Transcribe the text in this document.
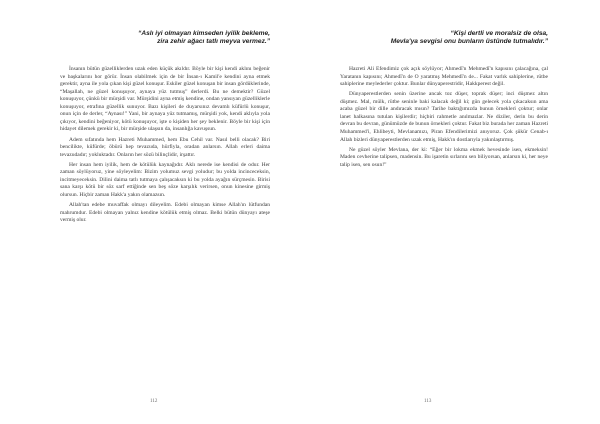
“Aslı iyi olmayan kimseden iyilik bekleme,
zira zehir ağacı tatlı meyva vermez.”

İnsanın bütün güzelliklerden uzak eden küçük akıldır. Böyle bir kişi kendi aklını beğenir ve başkalarını hor görür. İnsan olabilmek için de bir İnsan-ı Kamil'e kendini ayna etmek gerektir, ayna ile yola çıkan kişi güzel konuşur. Eskiler güzel konuşan bir insan gördüklerinde, “Maşallah, ne güzel konuşuyor, aynaya yüz tutmuş” derlerdi. Bu ne demektir? Güzel konuşuyor, çünkü bir mürşidi var. Mürşidini ayna etmiş kendine, ondan yansıyan güzelliklerle konuşuyor, etrafına güzellik sunuyor. Bazı kişileri de duyarsınız devamlı küfürlü konuşur, onun için de derler, “Aynası!” Yani, bir aynaya yüz tutmamış, mürşidi yok, kendi aklıyla yola çıkıyor, kendini beğeniyor, kötü konuşuyor, işte o kişiden her şey beklenir. Böyle bir kişi için hidayet dilemek gerekir ki, bir mürşide ulaşsın da, insanlığa kavuşsun.

Adem sıfatında hem Hazreti Muhammed, hem Ebu Cehil var. Nasıl belli olacak? Biri bencilikte, küfürde; öbürü hep tevazuda, hürfiyla, oradan anlarsın. Allah erleri daima tevazudadır; yokluktadır. Onların her sözü bilinçlidir, irşattır.

Her insan hem iyilik, hem de kötülük kaynağıdır. Aklı nerede ise kendisi de odur. Her zaman söylüyoruz, yine söyleyelim: Bizim yolumuz sevgi yoludur; bu yolda incinceceksin, incitmeyeceksin. Dilini daima tatlı tutmaya çalışacaksın ki bu yolda ayağın sürçmesin. Birisi sana karşı kötü bir söz sarf ettiğinde sen beş söze karşılık verirsen, onun kinesine girmiş olursun. Hiçbir zaman Hakk'a yakın olamazsın.

Allah'tan edebe muvaffak olmayı dileyelim. Edebi olmayan kimse Allah'ın lütfundan mahrumdur. Edebi olmayan yalnız kendine kötülük etmiş olmaz. Belki bütün dünyayı ateşe vermiş olur.

112
“Kişi dertli ve moralsiz de olsa,
Mevla'ya sevgisi onu bunların üstünde tutmalıdır.”

Hazreti Ali Efendimiz çok açık söylüyor; Ahmedî'n Mehmedî'n kapısını çalacağına, çal Yaratanın kapısını; Ahmedî'n de O yaratmış Mehmedî'n de... Fakat varlık sahiplerine, rütbe sahiplerine meylederler çoktur. Bunlar dünyaperestridir, Hakkperest değil.

Dünyaperestlerden senin üzerine ancak toz düşer, toprak düşer; inci düşmez altın düşmez. Mal, mülk, rütbe seninle baki kalacak değil ki; gün gelecek yola çıkacaksın ama acaba güzel bir dille andıracak mısın? Tarihe baktığımızda bunun örnekleri çoktur; onlar lanet halkasına tutulan kişilerdir; hiçbiri rahmetle anılmazlar. Ne diziler, derin bu derin devran bu devran, günümüzde de bunun örnekleri çoktur. Fakat biz burada her zaman Hazreti Muhammed'i, Ehlibeyti, Mevlanamızı, Piran Efendilerimizi anıyoruz. Çok şükür Cenab-ı Allah bizleri dünyaperestlerden uzak etmiş, Hakk'ın dostlarıyla yakınlaştırmış.

Ne güzel söyler Mevlana, der ki: “Eğer bir lokma ekmek hevesinde isen, ekmeksin! Maden cevherine talipsen, madensin. Bu işaretin sırlarını sen biliyorsan, anlarsın ki, her neye talip isen, sen osun!”

113
